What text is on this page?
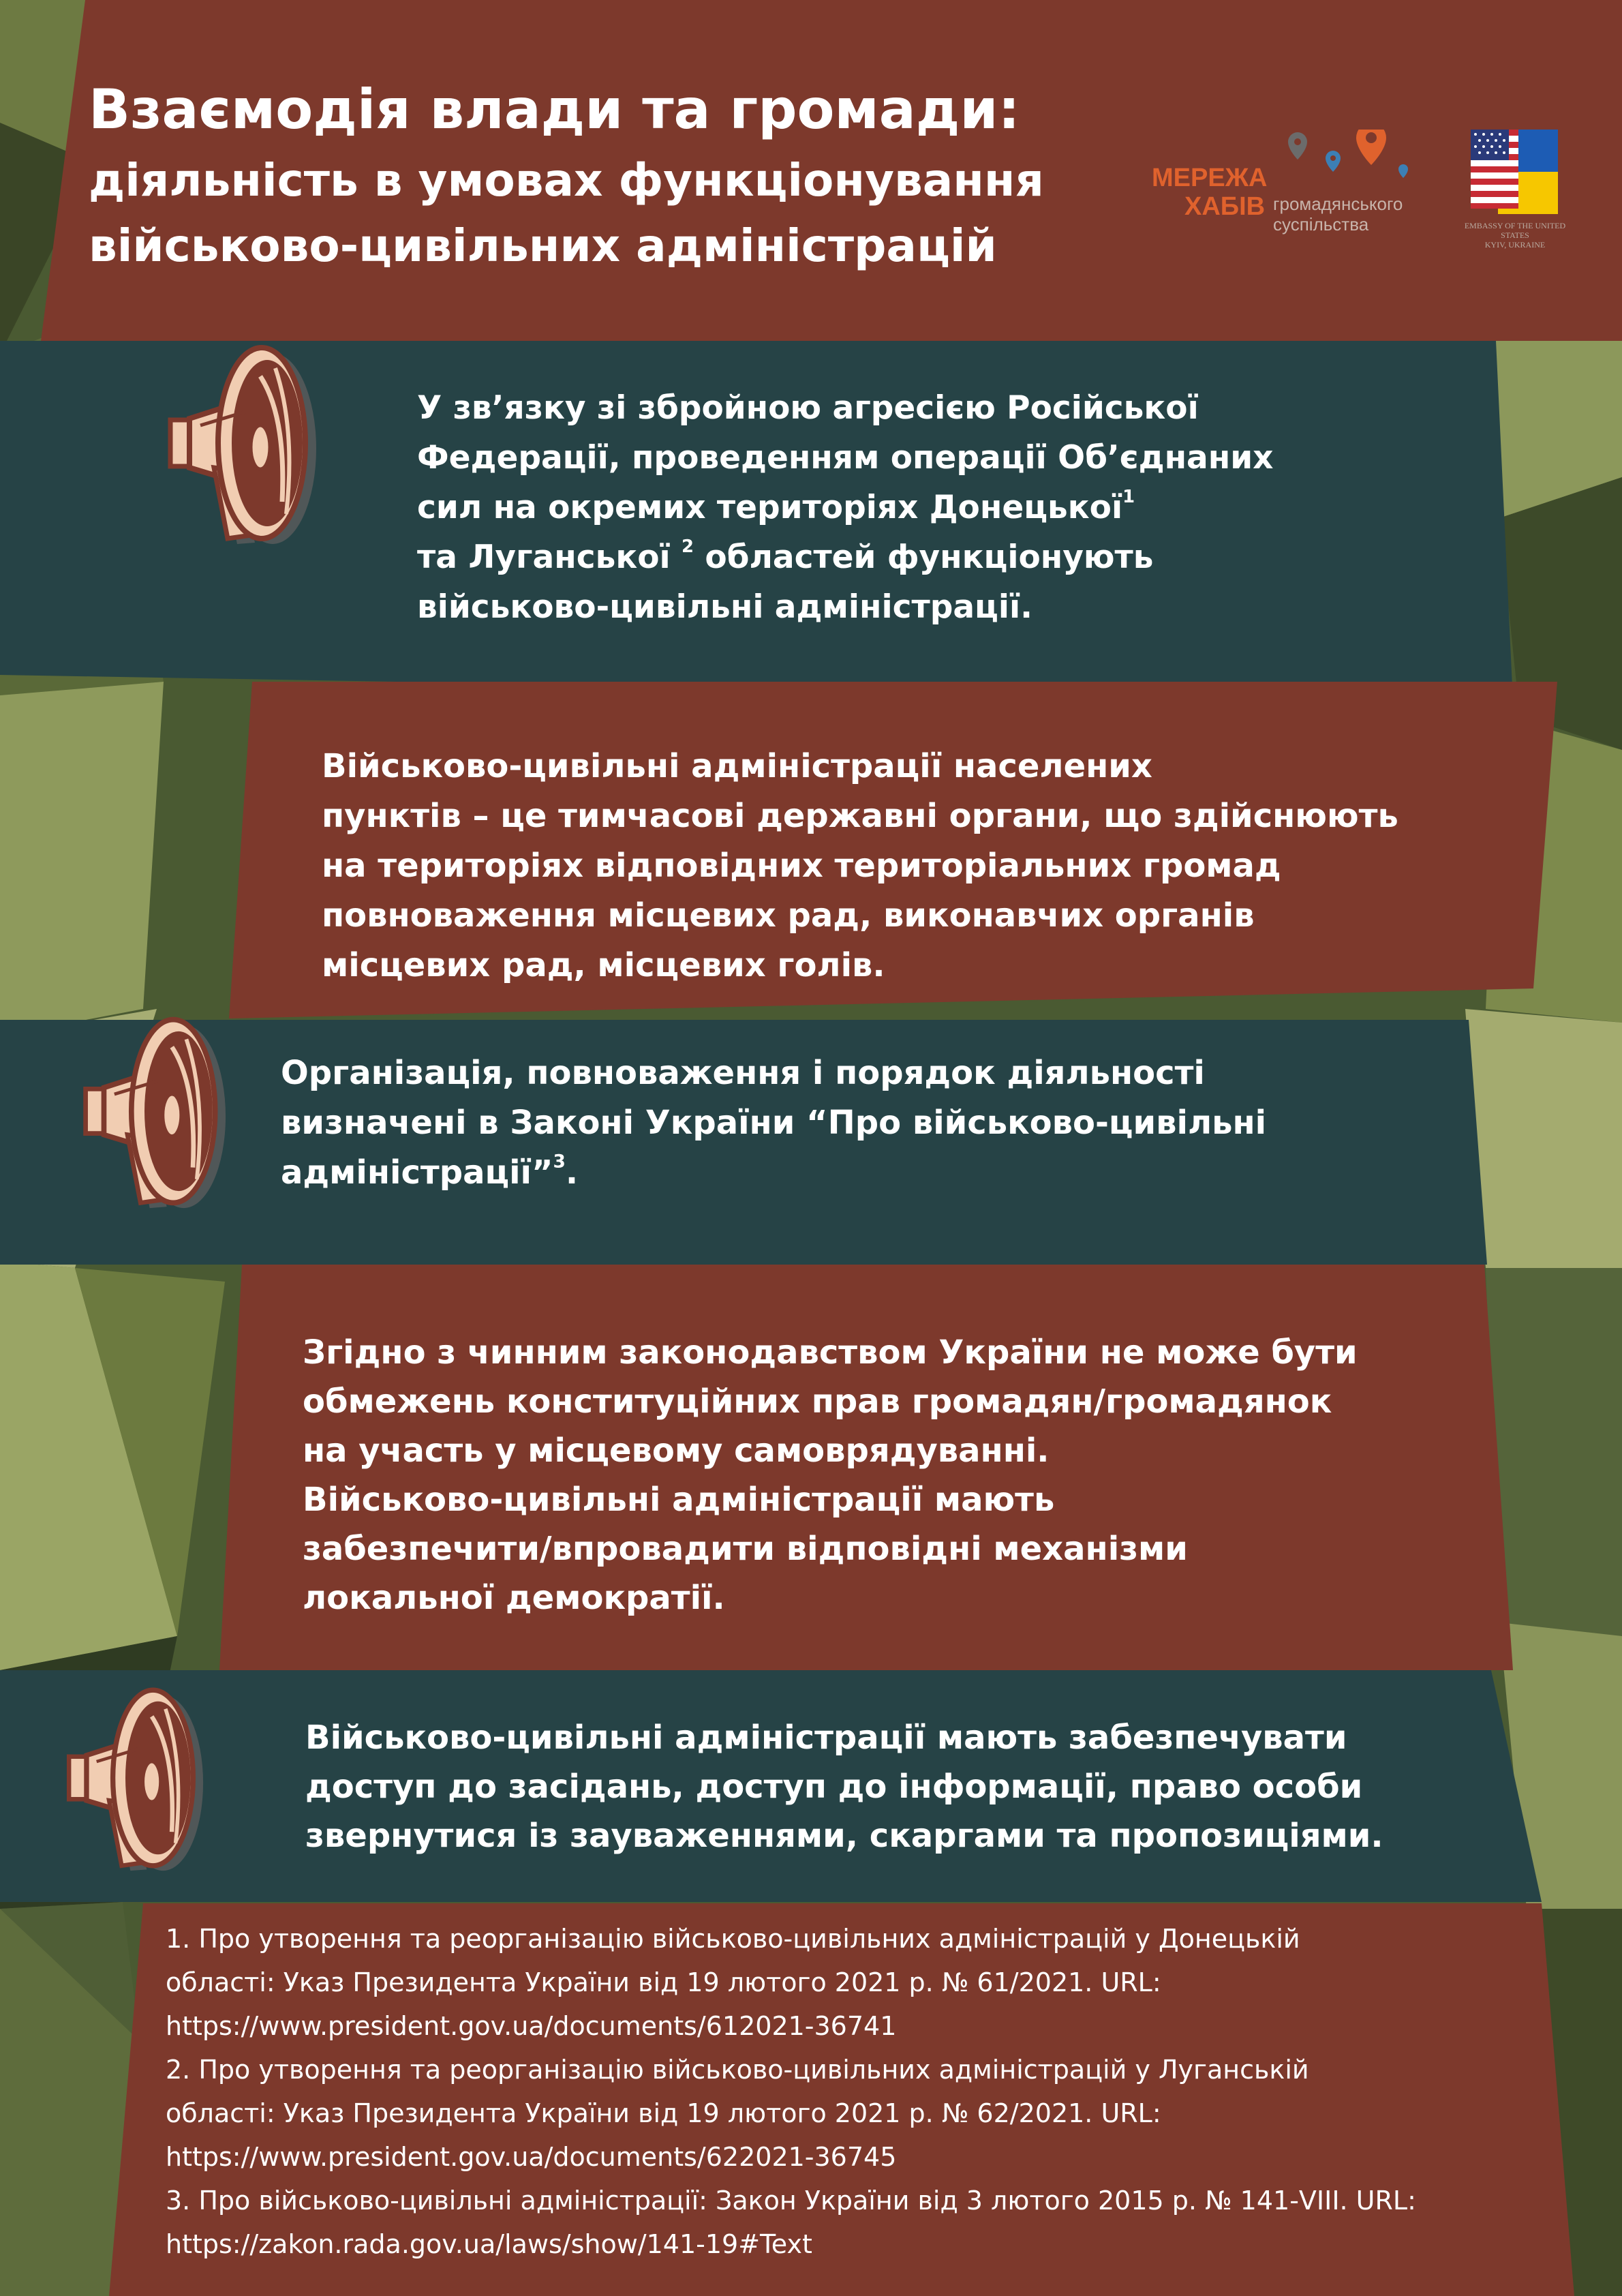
Взаємодія влади та громади:
діяльність в умовах функціонування
військово-цивільних адміністрацій
МЕРЕЖА
ХАБІВ громадянського
суспільства	EMBASSY OF THE UNITED STATES
KYIV, UKRAINE
У зв’язку зі збройною агресією Російської
Федерації, проведенням операції Об’єднаних
сил на окремих територіях Донецької$^1$
та Луганської $^2$ областей функціонують
військово-цивільні адміністрації.
Військово-цивільні адміністрації населених
пунктів – це тимчасові державні органи, що здійснюють
на територіях відповідних територіальних громад
повноваження місцевих рад, виконавчих органів
місцевих рад, місцевих голів.
Організація, повноваження і порядок діяльності
визначені в Законі України “Про військово-цивільні
адміністрації”$^3$.
Згідно з чинним законодавством України не може бути
обмежень конституційних прав громадян/громадянок
на участь у місцевому самоврядуванні.
Військово-цивільні адміністрації мають
забезпечити/впровадити відповідні механізми
локальної демократії.
Військово-цивільні адміністрації мають забезпечувати
доступ до засідань, доступ до інформації, право особи
звернутися із зауваженнями, скаргами та пропозиціями.
1. Про утворення та реорганізацію військово-цивільних адміністрацій у Донецькій
області: Указ Президента України від 19 лютого 2021 р. № 61/2021. URL:
https://www.president.gov.ua/documents/612021-36741
2. Про утворення та реорганізацію військово-цивільних адміністрацій у Луганській
області: Указ Президента України від 19 лютого 2021 р. № 62/2021. URL:
https://www.president.gov.ua/documents/622021-36745
3. Про військово-цивільні адміністрації: Закон України від 3 лютого 2015 р. № 141-VIII. URL:
https://zakon.rada.gov.ua/laws/show/141-19#Text
